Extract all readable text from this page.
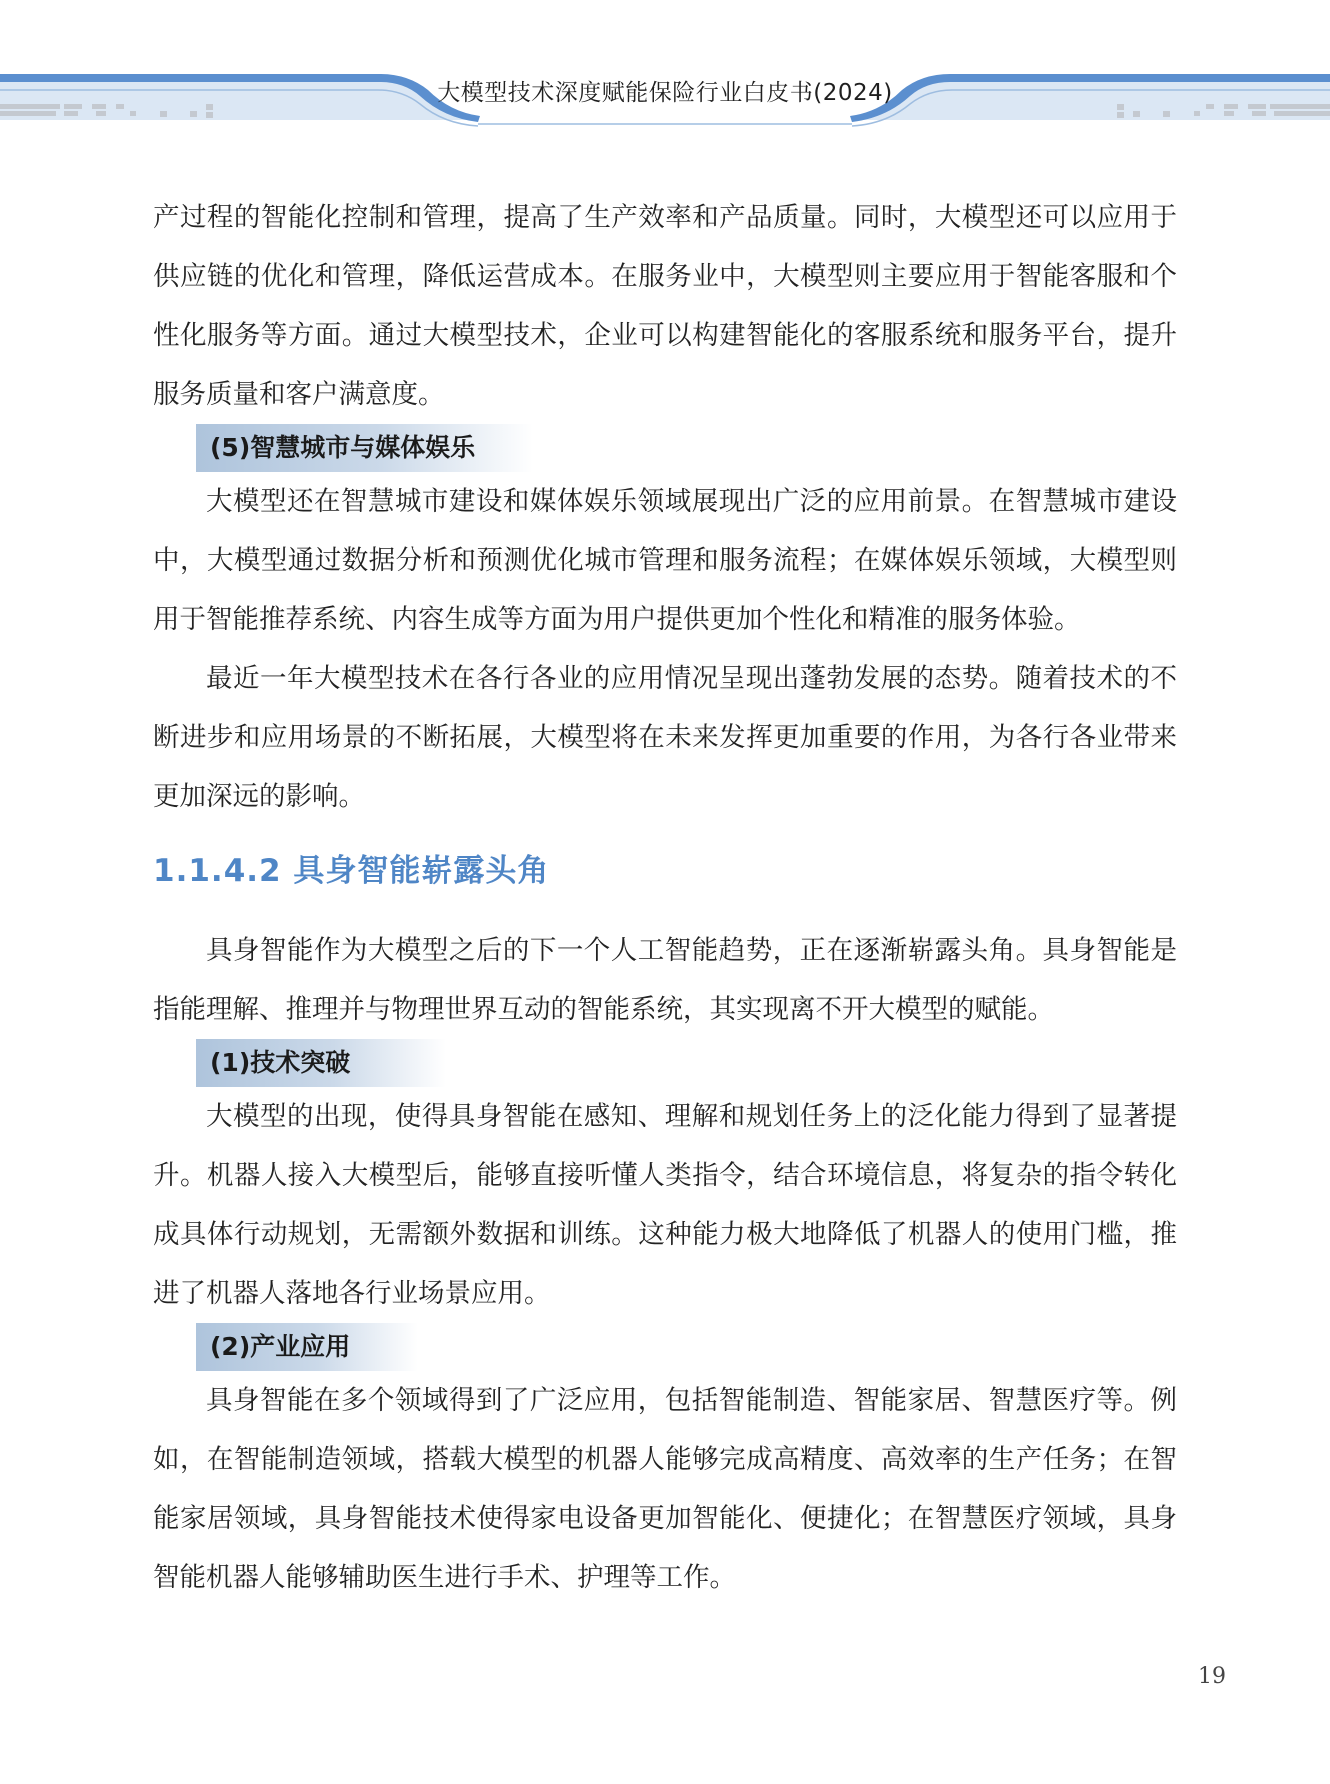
大模型技术深度赋能保险行业白皮书(2024)

产过程的智能化控制和管理，提高了生产效率和产品质量。同时，大模型还可以应用于供应链的优化和管理，降低运营成本。在服务业中，大模型则主要应用于智能客服和个性化服务等方面。通过大模型技术，企业可以构建智能化的客服系统和服务平台，提升服务质量和客户满意度。

(5)智慧城市与媒体娱乐

大模型还在智慧城市建设和媒体娱乐领域展现出广泛的应用前景。在智慧城市建设中，大模型通过数据分析和预测优化城市管理和服务流程；在媒体娱乐领域，大模型则用于智能推荐系统、内容生成等方面为用户提供更加个性化和精准的服务体验。

最近一年大模型技术在各行各业的应用情况呈现出蓬勃发展的态势。随着技术的不断进步和应用场景的不断拓展，大模型将在未来发挥更加重要的作用，为各行各业带来更加深远的影响。

1.1.4.2 具身智能崭露头角

具身智能作为大模型之后的下一个人工智能趋势，正在逐渐崭露头角。具身智能是指能理解、推理并与物理世界互动的智能系统，其实现离不开大模型的赋能。

(1)技术突破

大模型的出现，使得具身智能在感知、理解和规划任务上的泛化能力得到了显著提升。机器人接入大模型后，能够直接听懂人类指令，结合环境信息，将复杂的指令转化成具体行动规划，无需额外数据和训练。这种能力极大地降低了机器人的使用门槛，推进了机器人落地各行业场景应用。

(2)产业应用

具身智能在多个领域得到了广泛应用，包括智能制造、智能家居、智慧医疗等。例如，在智能制造领域，搭载大模型的机器人能够完成高精度、高效率的生产任务；在智能家居领域，具身智能技术使得家电设备更加智能化、便捷化；在智慧医疗领域，具身智能机器人能够辅助医生进行手术、护理等工作。

19
